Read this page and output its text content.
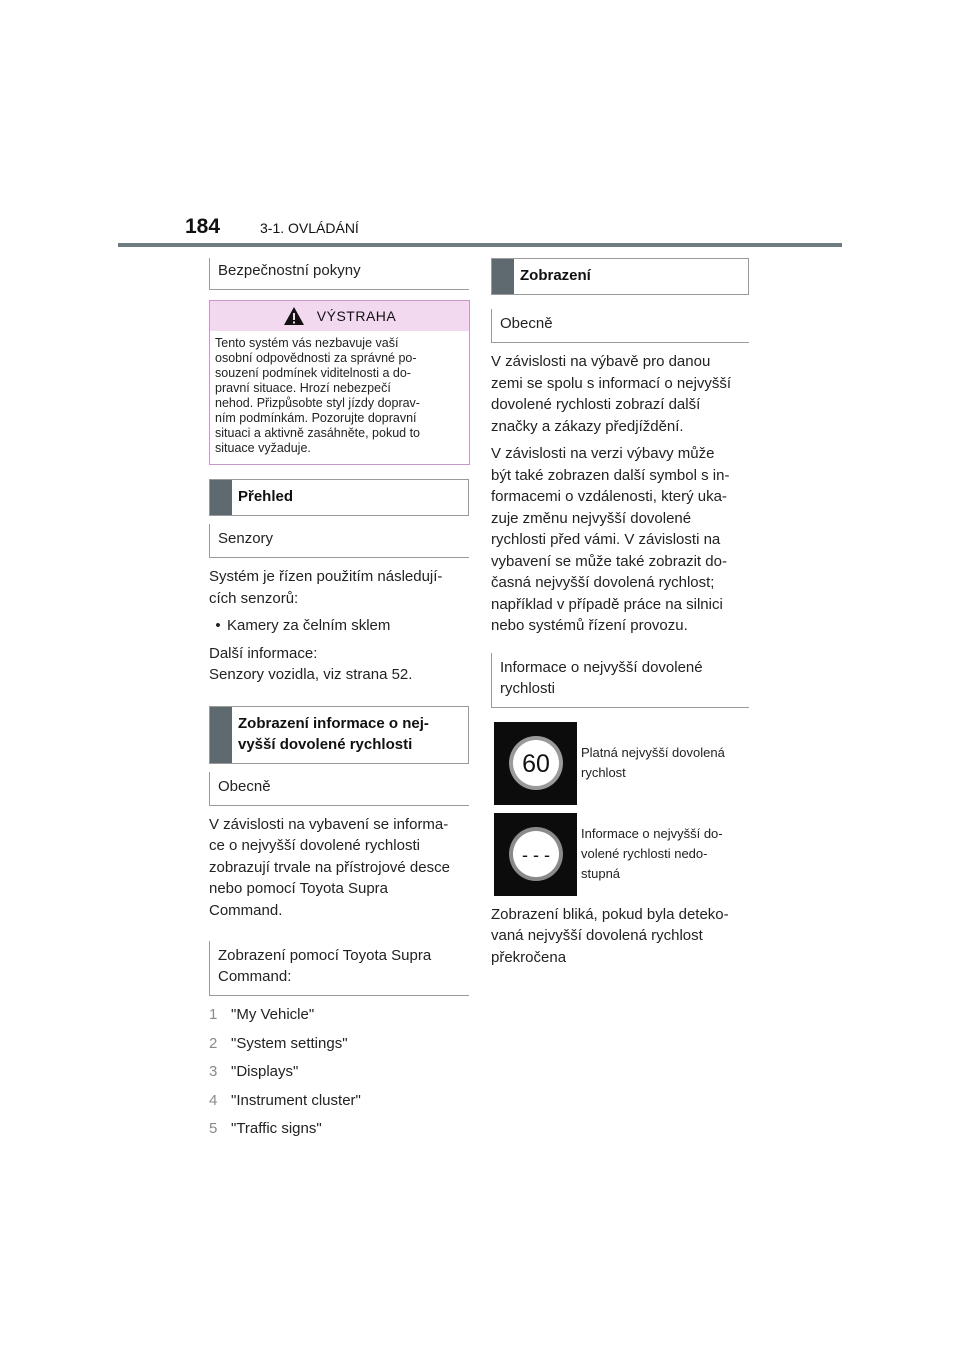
184	3-1. OVLÁDÁNÍ
Bezpečnostní pokyny
VÝSTRAHA
Tento systém vás nezbavuje vaší
osobní odpovědnosti za správné po-
souzení podmínek viditelnosti a do-
pravní situace. Hrozí nebezpečí
nehod. Přizpůsobte styl jízdy doprav-
ním podmínkám. Pozorujte dopravní
situaci a aktivně zasáhněte, pokud to
situace vyžaduje.
Přehled
Senzory

Systém je řízen použitím následují-
cích senzorů:

• Kamery za čelním sklem

Další informace:
Senzory vozidla, viz strana 52.

Zobrazení informace o nej-
vyšší dovolené rychlosti
Obecně

V závislosti na vybavení se informa-
ce o nejvyšší dovolené rychlosti
zobrazují trvale na přístrojové desce
nebo pomocí Toyota Supra
Command.

Zobrazení pomocí Toyota Supra
Command:
1 "My Vehicle"
2 "System settings"
3 "Displays"
4 "Instrument cluster"
5 "Traffic signs"
Zobrazení
Obecně

V závislosti na výbavě pro danou
zemi se spolu s informací o nejvyšší
dovolené rychlosti zobrazí další
značky a zákazy předjíždění.

V závislosti na verzi výbavy může
být také zobrazen další symbol s in-
formacemi o vzdálenosti, který uka-
zuje změnu nejvyšší dovolené
rychlosti před vámi. V závislosti na
vybavení se může také zobrazit do-
časná nejvyšší dovolená rychlost;
například v případě práce na silnici
nebo systémů řízení provozu.

Informace o nejvyšší dovolené
rychlosti
60	Platná nejvyšší dovolená
rychlost
- - -
Informace o nejvyšší do-
volené rychlosti nedo-
stupná

Zobrazení bliká, pokud byla deteko-
vaná nejvyšší dovolená rychlost
překročena
